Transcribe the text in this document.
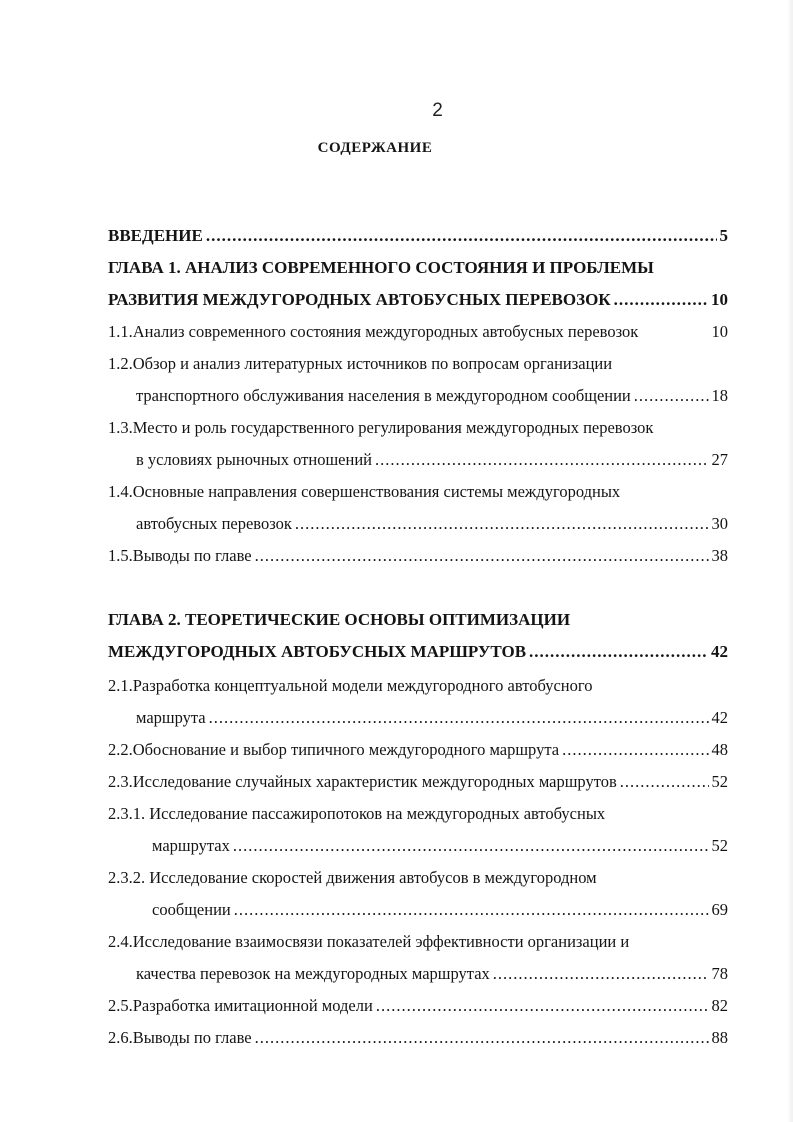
2
СОДЕРЖАНИЕ
ВВЕДЕНИЕ .....	5
ГЛАВА 1. АНАЛИЗ СОВРЕМЕННОГО СОСТОЯНИЯ И ПРОБЛЕМЫ
РАЗВИТИЯ МЕЖДУГОРОДНЫХ АВТОБУСНЫХ ПЕРЕВОЗОК .....	10
1.1.Анализ современного состояния междугородных автобусных перевозок	10
1.2.Обзор и анализ литературных источников по вопросам организации
транспортного обслуживания населения в междугородном сообщении .....	18
1.3.Место и роль государственного регулирования междугородных перевозок
в условиях рыночных отношений .....	27
1.4.Основные направления совершенствования системы междугородных
автобусных перевозок .....	30
1.5.Выводы по главе .....	38
ГЛАВА 2. ТЕОРЕТИЧЕСКИЕ ОСНОВЫ ОПТИМИЗАЦИИ
МЕЖДУГОРОДНЫХ АВТОБУСНЫХ МАРШРУТОВ .....	42
2.1.Разработка концептуальной модели междугородного автобусного
маршрута .....	42
2.2.Обоснование и выбор типичного междугородного маршрута .....	48
2.3.Исследование случайных характеристик междугородных маршрутов .....	52
2.3.1. Исследование пассажиропотоков на междугородных автобусных
маршрутах .....	52
2.3.2. Исследование скоростей движения автобусов в междугородном
сообщении .....	69
2.4.Исследование взаимосвязи показателей эффективности организации и
качества перевозок на междугородных маршрутах .....	78
2.5.Разработка имитационной модели .....	82
2.6.Выводы по главе .....	88
